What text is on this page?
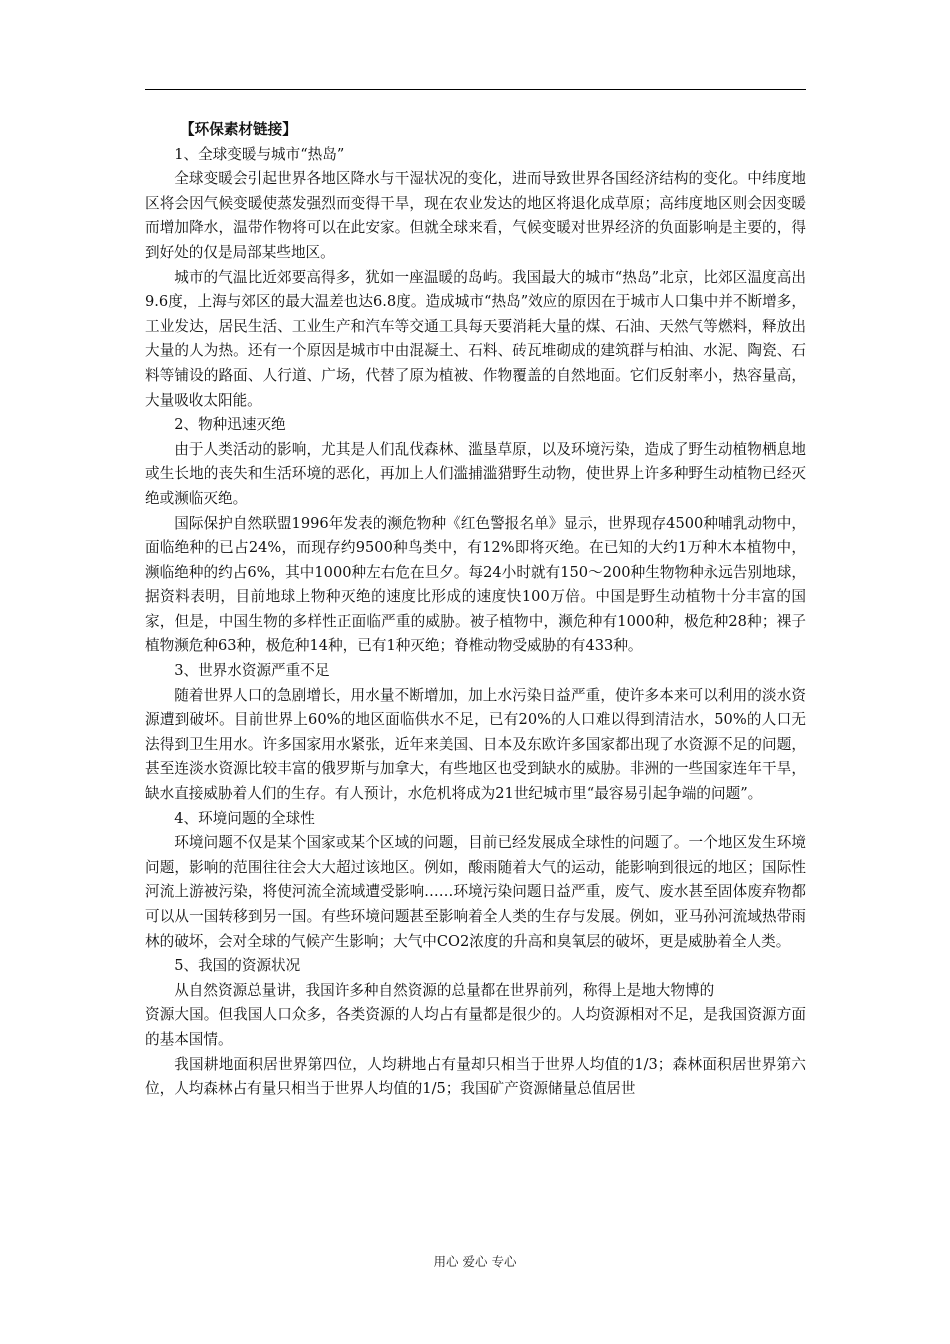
【环保素材链接】

1、全球变暖与城市“热岛”

全球变暖会引起世界各地区降水与干湿状况的变化，进而导致世界各国经济结构的变化。中纬度地区将会因气候变暖使蒸发强烈而变得干旱，现在农业发达的地区将退化成草原；高纬度地区则会因变暖而增加降水，温带作物将可以在此安家。但就全球来看，气候变暖对世界经济的负面影响是主要的，得到好处的仅是局部某些地区。

城市的气温比近郊要高得多，犹如一座温暖的岛屿。我国最大的城市“热岛”北京，比郊区温度高出9.6度，上海与郊区的最大温差也达6.8度。造成城市“热岛”效应的原因在于城市人口集中并不断增多，工业发达，居民生活、工业生产和汽车等交通工具每天要消耗大量的煤、石油、天然气等燃料，释放出大量的人为热。还有一个原因是城市中由混凝土、石料、砖瓦堆砌成的建筑群与柏油、水泥、陶瓷、石料等铺设的路面、人行道、广场，代替了原为植被、作物覆盖的自然地面。它们反射率小，热容量高，大量吸收太阳能。

2、物种迅速灭绝

由于人类活动的影响，尤其是人们乱伐森林、滥垦草原，以及环境污染，造成了野生动植物栖息地或生长地的丧失和生活环境的恶化，再加上人们滥捕滥猎野生动物，使世界上许多种野生动植物已经灭绝或濒临灭绝。

国际保护自然联盟1996年发表的濒危物种《红色警报名单》显示，世界现存4500种哺乳动物中，面临绝种的已占24%，而现存约9500种鸟类中，有12%即将灭绝。在已知的大约1万种木本植物中，濒临绝种的约占6%，其中1000种左右危在旦夕。每24小时就有150～200种生物物种永远告别地球，据资料表明，目前地球上物种灭绝的速度比形成的速度快100万倍。中国是野生动植物十分丰富的国家，但是，中国生物的多样性正面临严重的威胁。被子植物中，濒危种有1000种，极危种28种；裸子植物濒危种63种，极危种14种，已有1种灭绝；脊椎动物受威胁的有433种。

3、世界水资源严重不足

随着世界人口的急剧增长，用水量不断增加，加上水污染日益严重，使许多本来可以利用的淡水资源遭到破坏。目前世界上60%的地区面临供水不足，已有20%的人口难以得到清洁水，50%的人口无法得到卫生用水。许多国家用水紧张，近年来美国、日本及东欧许多国家都出现了水资源不足的问题，甚至连淡水资源比较丰富的俄罗斯与加拿大，有些地区也受到缺水的威胁。非洲的一些国家连年干旱，缺水直接威胁着人们的生存。有人预计，水危机将成为21世纪城市里“最容易引起争端的问题”。

4、环境问题的全球性

环境问题不仅是某个国家或某个区域的问题，目前已经发展成全球性的问题了。一个地区发生环境问题，影响的范围往往会大大超过该地区。例如，酸雨随着大气的运动，能影响到很远的地区；国际性河流上游被污染，将使河流全流域遭受影响……环境污染问题日益严重，废气、废水甚至固体废弃物都可以从一国转移到另一国。有些环境问题甚至影响着全人类的生存与发展。例如，亚马孙河流域热带雨林的破坏，会对全球的气候产生影响；大气中CO2浓度的升高和臭氧层的破坏，更是威胁着全人类。

5、我国的资源状况

从自然资源总量讲，我国许多种自然资源的总量都在世界前列，称得上是地大物博的

资源大国。但我国人口众多，各类资源的人均占有量都是很少的。人均资源相对不足，是我国资源方面的基本国情。

我国耕地面积居世界第四位，人均耕地占有量却只相当于世界人均值的1/3；森林面积居世界第六位，人均森林占有量只相当于世界人均值的1/5；我国矿产资源储量总值居世

用心 爱心 专心
